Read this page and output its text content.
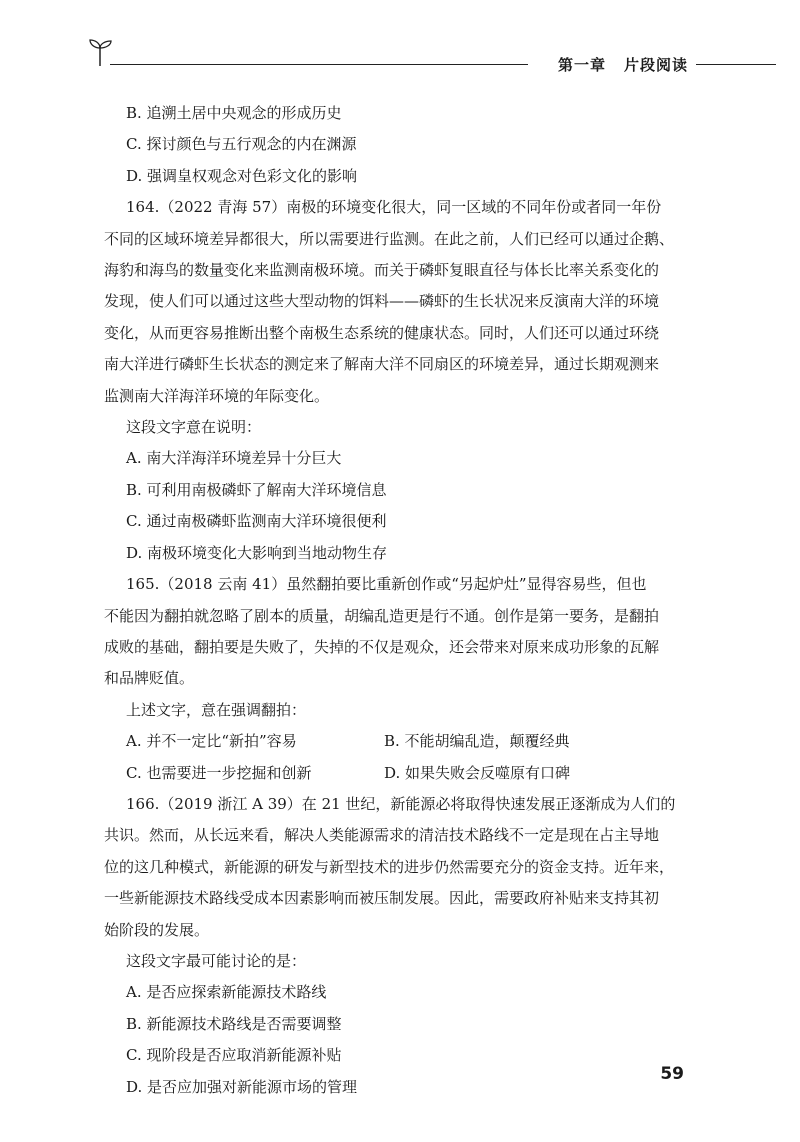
第一章 片段阅读

B. 追溯土居中央观念的形成历史

C. 探讨颜色与五行观念的内在渊源

D. 强调皇权观念对色彩文化的影响

164.（2022 青海 57）南极的环境变化很大，同一区域的不同年份或者同一年份

不同的区域环境差异都很大，所以需要进行监测。在此之前，人们已经可以通过企鹅、

海豹和海鸟的数量变化来监测南极环境。而关于磷虾复眼直径与体长比率关系变化的

发现，使人们可以通过这些大型动物的饵料——磷虾的生长状况来反演南大洋的环境

变化，从而更容易推断出整个南极生态系统的健康状态。同时，人们还可以通过环绕

南大洋进行磷虾生长状态的测定来了解南大洋不同扇区的环境差异，通过长期观测来

监测南大洋海洋环境的年际变化。

这段文字意在说明：

A. 南大洋海洋环境差异十分巨大

B. 可利用南极磷虾了解南大洋环境信息

C. 通过南极磷虾监测南大洋环境很便利

D. 南极环境变化大影响到当地动物生存

165.（2018 云南 41）虽然翻拍要比重新创作或“另起炉灶”显得容易些，但也

不能因为翻拍就忽略了剧本的质量，胡编乱造更是行不通。创作是第一要务，是翻拍

成败的基础，翻拍要是失败了，失掉的不仅是观众，还会带来对原来成功形象的瓦解

和品牌贬值。

上述文字，意在强调翻拍：

A. 并不一定比“新拍”容易	B. 不能胡编乱造，颠覆经典
C. 也需要进一步挖掘和创新	D. 如果失败会反噬原有口碑

166.（2019 浙江 A 39）在 21 世纪，新能源必将取得快速发展正逐渐成为人们的

共识。然而，从长远来看，解决人类能源需求的清洁技术路线不一定是现在占主导地

位的这几种模式，新能源的研发与新型技术的进步仍然需要充分的资金支持。近年来，

一些新能源技术路线受成本因素影响而被压制发展。因此，需要政府补贴来支持其初

始阶段的发展。

这段文字最可能讨论的是：

A. 是否应探索新能源技术路线

B. 新能源技术路线是否需要调整

C. 现阶段是否应取消新能源补贴

D. 是否应加强对新能源市场的管理

59
